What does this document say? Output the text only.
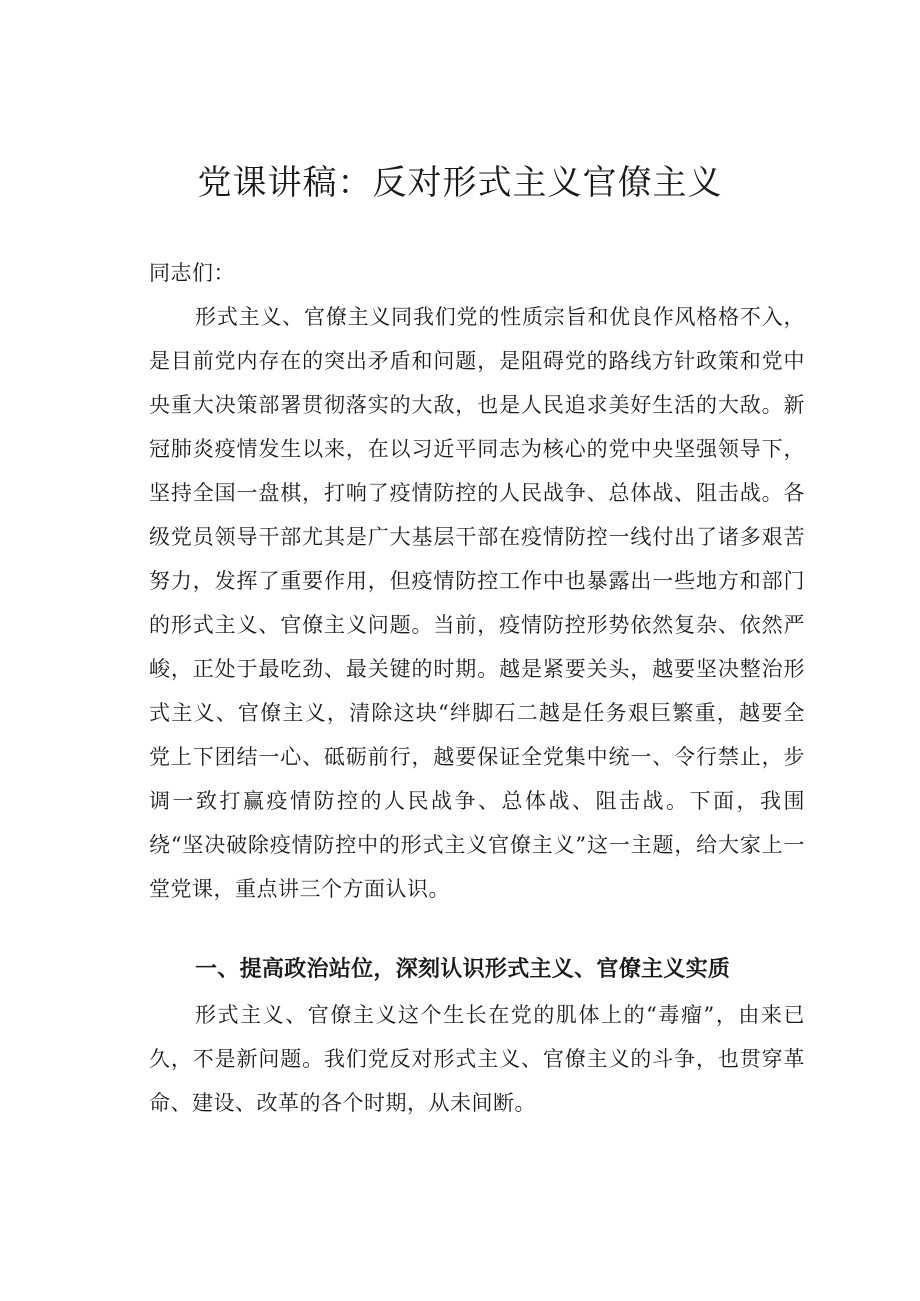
党课讲稿：反对形式主义官僚主义

同志们：

形式主义、官僚主义同我们党的性质宗旨和优良作风格格不入，是目前党内存在的突出矛盾和问题，是阻碍党的路线方针政策和党中央重大决策部署贯彻落实的大敌，也是人民追求美好生活的大敌。新冠肺炎疫情发生以来，在以习近平同志为核心的党中央坚强领导下，坚持全国一盘棋，打响了疫情防控的人民战争、总体战、阻击战。各级党员领导干部尤其是广大基层干部在疫情防控一线付出了诸多艰苦努力，发挥了重要作用，但疫情防控工作中也暴露出一些地方和部门的形式主义、官僚主义问题。当前，疫情防控形势依然复杂、依然严峻，正处于最吃劲、最关键的时期。越是紧要关头，越要坚决整治形式主义、官僚主义，清除这块“绊脚石二越是任务艰巨繁重，越要全党上下团结一心、砥砺前行，越要保证全党集中统一、令行禁止，步调一致打赢疫情防控的人民战争、总体战、阻击战。下面，我围绕“坚决破除疫情防控中的形式主义官僚主义”这一主题，给大家上一堂党课，重点讲三个方面认识。

一、提高政治站位，深刻认识形式主义、官僚主义实质

形式主义、官僚主义这个生长在党的肌体上的“毒瘤”，由来已久，不是新问题。我们党反对形式主义、官僚主义的斗争，也贯穿革命、建设、改革的各个时期，从未间断。
